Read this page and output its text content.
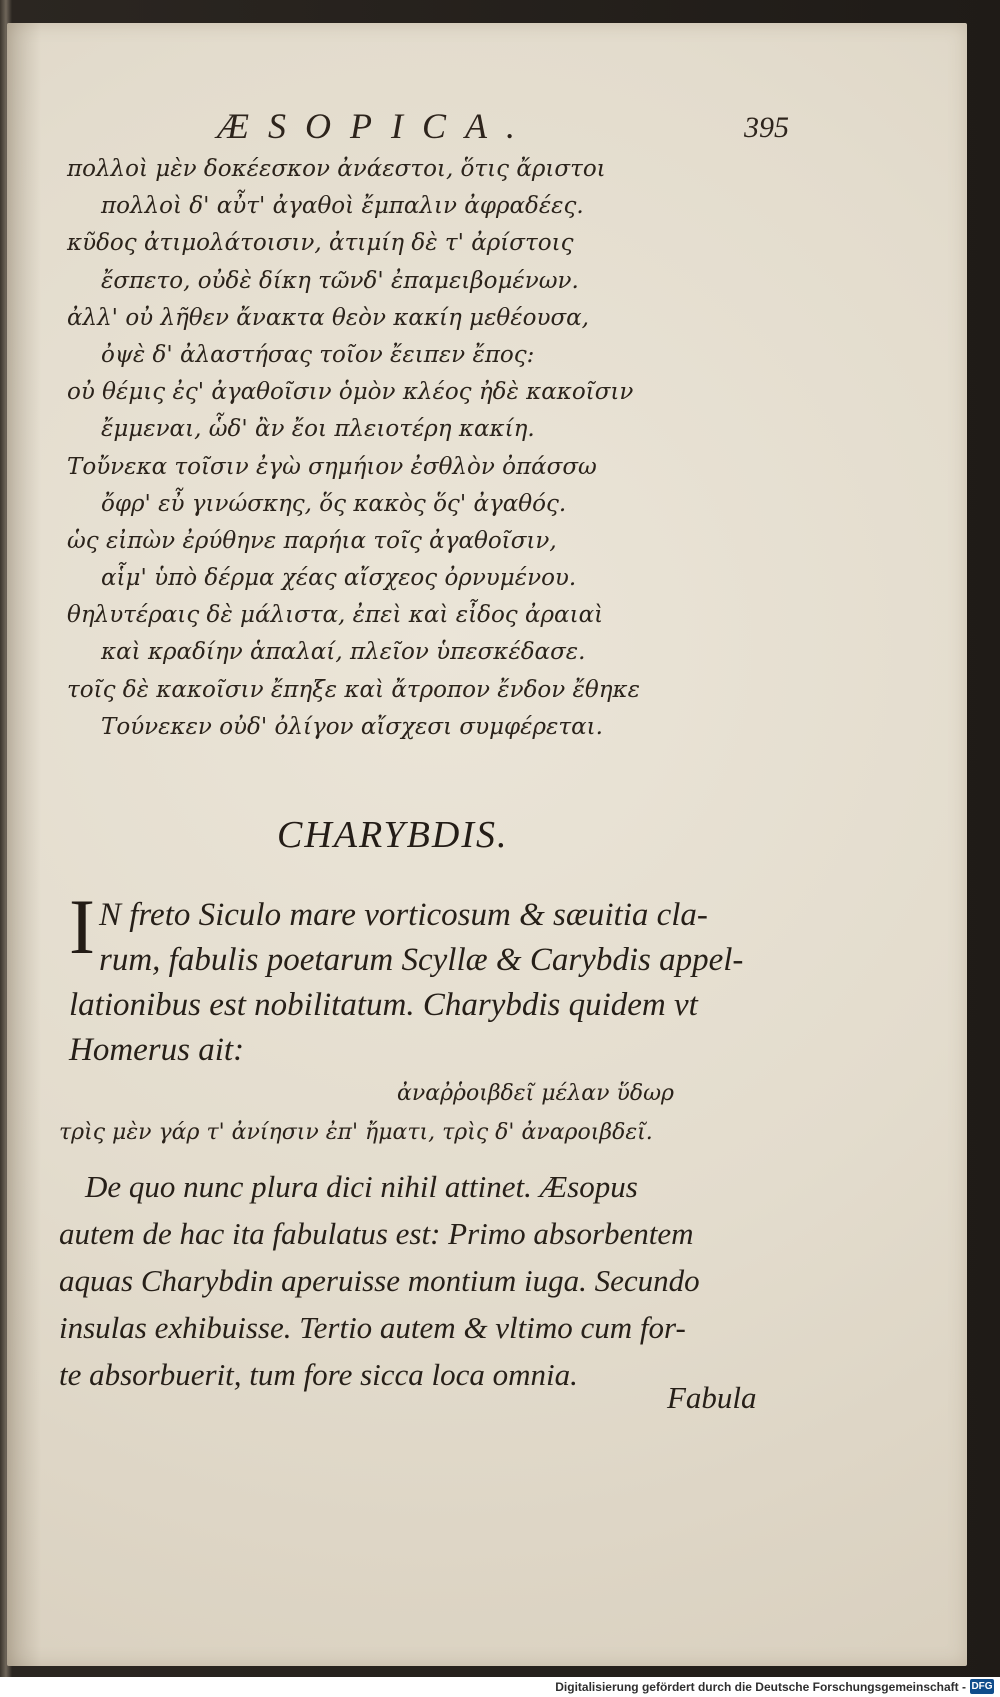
ÆSOPICA.	395
πολλοὶ μὲν δοκέεσκον ἀνάεστοι, ὅτις ἄριστοι
πολλοὶ δ' αὖτ' ἀγαθοὶ ἔμπαλιν ἀφραδέες.
κῦδος ἀτιμολάτοισιν, ἀτιμίη δὲ τ' ἀρίστοις
ἔσπετο, οὐδὲ δίκη τῶνδ' ἐπαμειβομένων.
ἀλλ' οὐ λῆθεν ἄνακτα θεὸν κακίη μεθέουσα,
ὀψὲ δ' ἀλαστήσας τοῖον ἔειπεν ἔπος:
οὐ θέμις ἐς' ἀγαθοῖσιν ὁμὸν κλέος ἠδὲ κακοῖσιν
ἔμμεναι, ὧδ' ἂν ἔοι πλειοτέρη κακίη.
Τοὔνεκα τοῖσιν ἐγὼ σημήιον ἐσθλὸν ὀπάσσω
ὄφρ' εὖ γινώσκης, ὅς κακὸς ὅς' ἀγαθός.
ὡς εἰπὼν ἐρύθηνε παρήια τοῖς ἀγαθοῖσιν,
αἷμ' ὑπὸ δέρμα χέας αἴσχεος ὀρνυμένου.
θηλυτέραις δὲ μάλιστα, ἐπεὶ καὶ εἶδος ἀραιαὶ
καὶ κραδίην ἁπαλαί, πλεῖον ὑπεσκέδασε.
τοῖς δὲ κακοῖσιν ἔπηξε καὶ ἄτροπον ἔνδον ἔθηκε
Τούνεκεν οὐδ' ὀλίγον αἴσχεσι συμφέρεται.
CHARYBDIS.
I N freto Siculo mare vorticosum & sæuitia cla-
rum, fabulis poetarum Scyllæ & Carybdis appel-
lationibus est nobilitatum. Charybdis quidem vt
Homerus ait:
ἀναῤῥοιβδεῖ μέλαν ὕδωρ
τρὶς μὲν γάρ τ' ἀνίησιν ἐπ' ἤματι, τρὶς δ' ἀναροιβδεῖ.
De quo nunc plura dici nihil attinet. Æsopus
autem de hac ita fabulatus est: Primo absorbentem
aquas Charybdin aperuisse montium iuga. Secundo
insulas exhibuisse. Tertio autem & vltimo cum for-
te absorbuerit, tum fore sicca loca omnia.
Fabula
Digitalisierung gefördert durch die Deutsche Forschungsgemeinschaft - DFG
